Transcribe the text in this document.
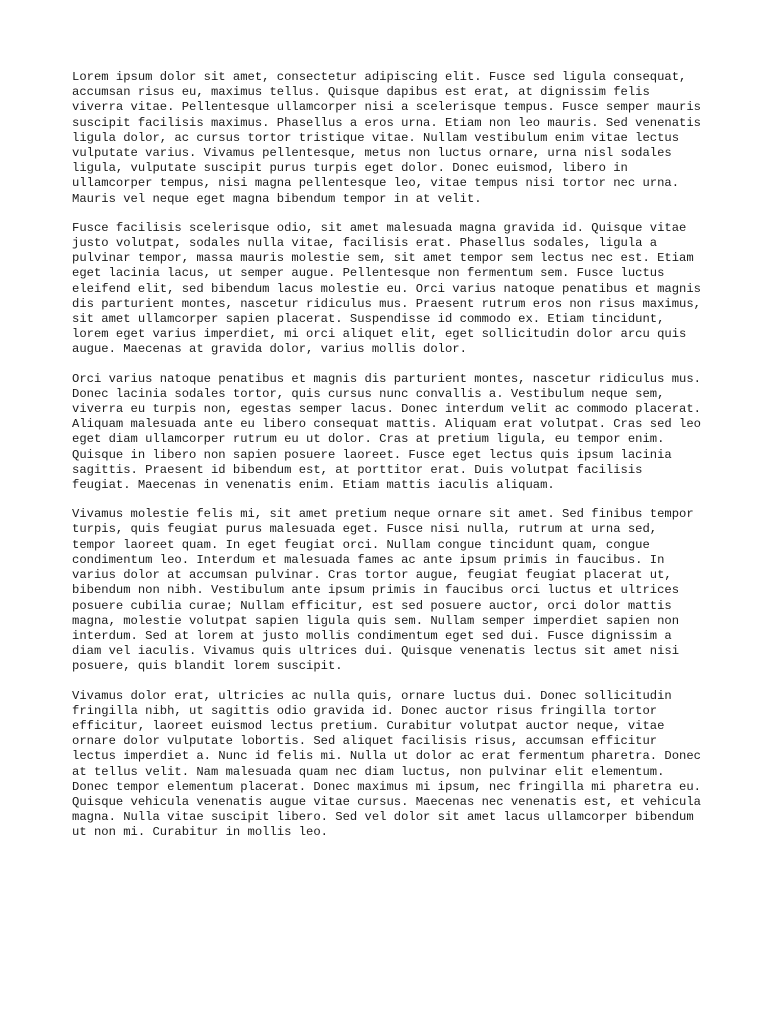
Lorem ipsum dolor sit amet, consectetur adipiscing elit. Fusce sed ligula consequat, accumsan risus eu, maximus tellus. Quisque dapibus est erat, at dignissim felis viverra vitae. Pellentesque ullamcorper nisi a scelerisque tempus. Fusce semper mauris suscipit facilisis maximus. Phasellus a eros urna. Etiam non leo mauris. Sed venenatis ligula dolor, ac cursus tortor tristique vitae. Nullam vestibulum enim vitae lectus vulputate varius. Vivamus pellentesque, metus non luctus ornare, urna nisl sodales ligula, vulputate suscipit purus turpis eget dolor. Donec euismod, libero in ullamcorper tempus, nisi magna pellentesque leo, vitae tempus nisi tortor nec urna. Mauris vel neque eget magna bibendum tempor in at velit.

Fusce facilisis scelerisque odio, sit amet malesuada magna gravida id. Quisque vitae justo volutpat, sodales nulla vitae, facilisis erat. Phasellus sodales, ligula a pulvinar tempor, massa mauris molestie sem, sit amet tempor sem lectus nec est. Etiam eget lacinia lacus, ut semper augue. Pellentesque non fermentum sem. Fusce luctus eleifend elit, sed bibendum lacus molestie eu. Orci varius natoque penatibus et magnis dis parturient montes, nascetur ridiculus mus. Praesent rutrum eros non risus maximus, sit amet ullamcorper sapien placerat. Suspendisse id commodo ex. Etiam tincidunt, lorem eget varius imperdiet, mi orci aliquet elit, eget sollicitudin dolor arcu quis augue. Maecenas at gravida dolor, varius mollis dolor.

Orci varius natoque penatibus et magnis dis parturient montes, nascetur ridiculus mus. Donec lacinia sodales tortor, quis cursus nunc convallis a. Vestibulum neque sem, viverra eu turpis non, egestas semper lacus. Donec interdum velit ac commodo placerat. Aliquam malesuada ante eu libero consequat mattis. Aliquam erat volutpat. Cras sed leo eget diam ullamcorper rutrum eu ut dolor. Cras at pretium ligula, eu tempor enim. Quisque in libero non sapien posuere laoreet. Fusce eget lectus quis ipsum lacinia sagittis. Praesent id bibendum est, at porttitor erat. Duis volutpat facilisis feugiat. Maecenas in venenatis enim. Etiam mattis iaculis aliquam.

Vivamus molestie felis mi, sit amet pretium neque ornare sit amet. Sed finibus tempor turpis, quis feugiat purus malesuada eget. Fusce nisi nulla, rutrum at urna sed, tempor laoreet quam. In eget feugiat orci. Nullam congue tincidunt quam, congue condimentum leo. Interdum et malesuada fames ac ante ipsum primis in faucibus. In varius dolor at accumsan pulvinar. Cras tortor augue, feugiat feugiat placerat ut, bibendum non nibh. Vestibulum ante ipsum primis in faucibus orci luctus et ultrices posuere cubilia curae; Nullam efficitur, est sed posuere auctor, orci dolor mattis magna, molestie volutpat sapien ligula quis sem. Nullam semper imperdiet sapien non interdum. Sed at lorem at justo mollis condimentum eget sed dui. Fusce dignissim a diam vel iaculis. Vivamus quis ultrices dui. Quisque venenatis lectus sit amet nisi posuere, quis blandit lorem suscipit.

Vivamus dolor erat, ultricies ac nulla quis, ornare luctus dui. Donec sollicitudin fringilla nibh, ut sagittis odio gravida id. Donec auctor risus fringilla tortor efficitur, laoreet euismod lectus pretium. Curabitur volutpat auctor neque, vitae ornare dolor vulputate lobortis. Sed aliquet facilisis risus, accumsan efficitur lectus imperdiet a. Nunc id felis mi. Nulla ut dolor ac erat fermentum pharetra. Donec at tellus velit. Nam malesuada quam nec diam luctus, non pulvinar elit elementum. Donec tempor elementum placerat. Donec maximus mi ipsum, nec fringilla mi pharetra eu. Quisque vehicula venenatis augue vitae cursus. Maecenas nec venenatis est, et vehicula magna. Nulla vitae suscipit libero. Sed vel dolor sit amet lacus ullamcorper bibendum ut non mi. Curabitur in mollis leo.
